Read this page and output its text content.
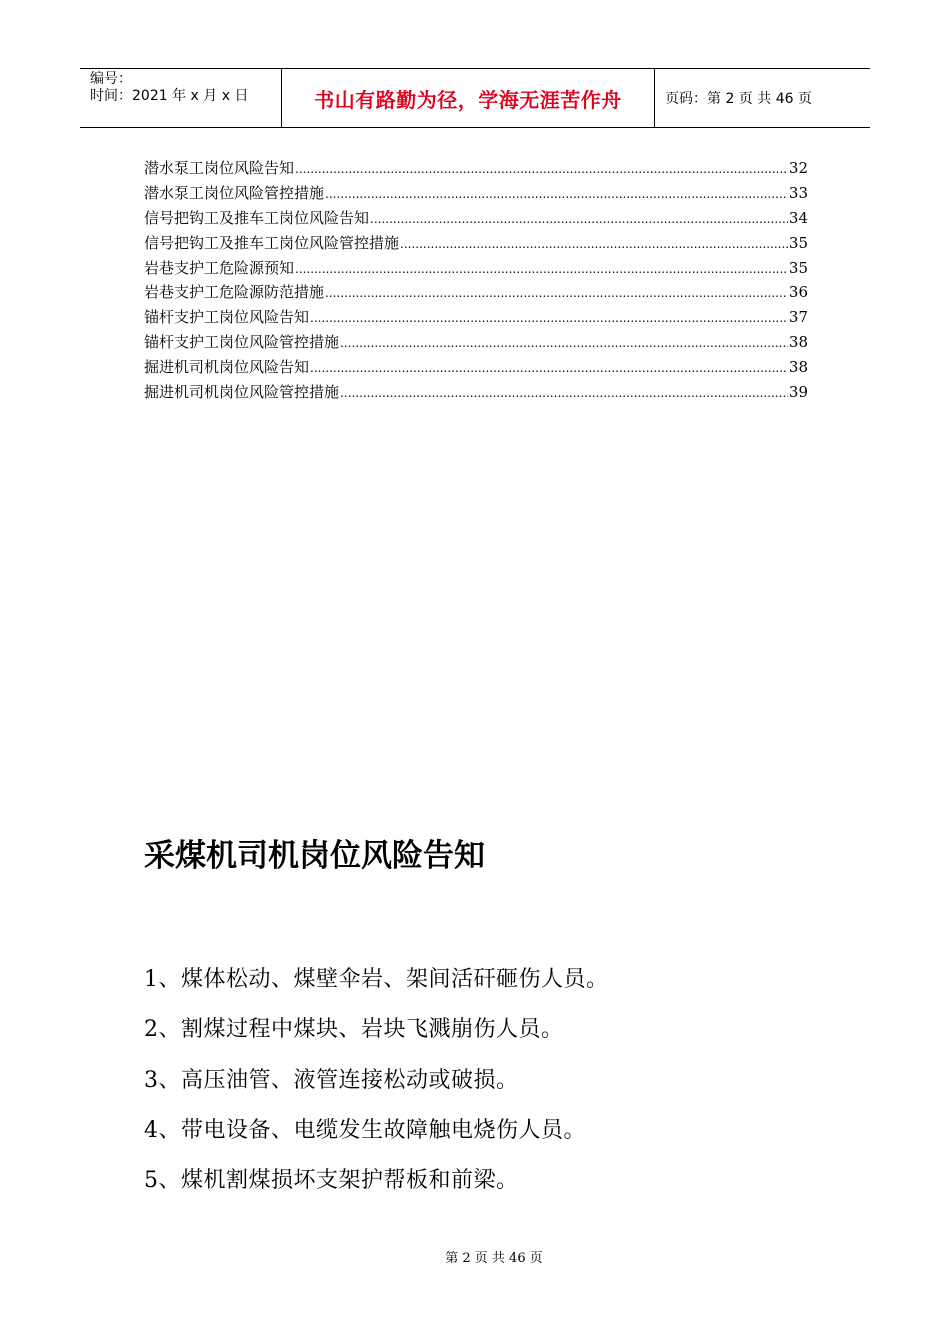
编号：
时间：2021 年 x 月 x 日	书山有路勤为径，学海无涯苦作舟	页码：第 2 页 共 46 页
潜水泵工岗位风险告知 .....	32
潜水泵工岗位风险管控措施 .....	33
信号把钩工及推车工岗位风险告知 .....	34
信号把钩工及推车工岗位风险管控措施 .....	35
岩巷支护工危险源预知 .....	35
岩巷支护工危险源防范措施 .....	36
锚杆支护工岗位风险告知 .....	37
锚杆支护工岗位风险管控措施 .....	38
掘进机司机岗位风险告知 .....	38
掘进机司机岗位风险管控措施 .....	39
采煤机司机岗位风险告知
1、煤体松动、煤壁伞岩、架间活矸砸伤人员。
2、割煤过程中煤块、岩块飞溅崩伤人员。
3、高压油管、液管连接松动或破损。
4、带电设备、电缆发生故障触电烧伤人员。
5、煤机割煤损坏支架护帮板和前梁。
第 2 页 共 46 页
